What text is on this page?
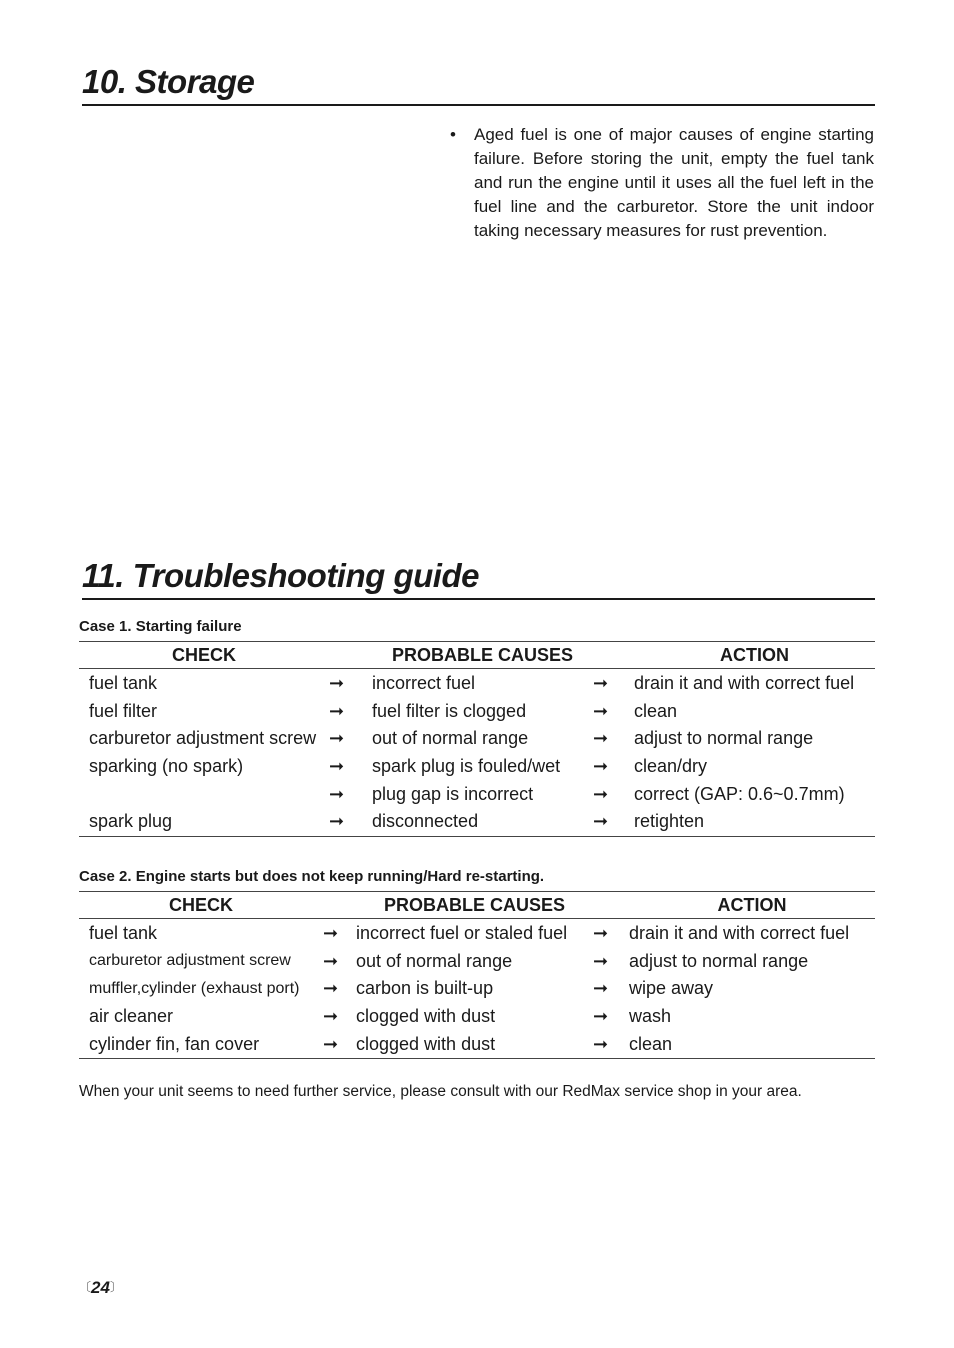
10. Storage
• Aged fuel is one of major causes of engine starting failure. Before storing the unit, empty the fuel tank and run the engine until it uses all the fuel left in the fuel line and the carburetor. Store the unit indoor taking necessary measures for rust prevention.
11. Troubleshooting guide
Case 1. Starting failure
CHECK		PROBABLE CAUSES		ACTION
fuel tank	➞	incorrect fuel	➞	drain it and with correct fuel
fuel filter	➞	fuel filter is clogged	➞	clean
carburetor adjustment screw	➞	out of normal range	➞	adjust to normal range
sparking (no spark)	➞	spark plug is fouled/wet	➞	clean/dry
	➞	plug gap is incorrect	➞	correct (GAP: 0.6~0.7mm)
spark plug	➞	disconnected	➞	retighten
Case 2. Engine starts but does not keep running/Hard re-starting.
CHECK		PROBABLE CAUSES		ACTION
fuel tank	➞	incorrect fuel or staled fuel	➞	drain it and with correct fuel
carburetor adjustment screw	➞	out of normal range	➞	adjust to normal range
muffler,cylinder (exhaust port)	➞	carbon is built-up	➞	wipe away
air cleaner	➞	clogged with dust	➞	wash
cylinder fin, fan cover	➞	clogged with dust	➞	clean
When your unit seems to need further service, please consult with our RedMax service shop in your area.
〔24〕
